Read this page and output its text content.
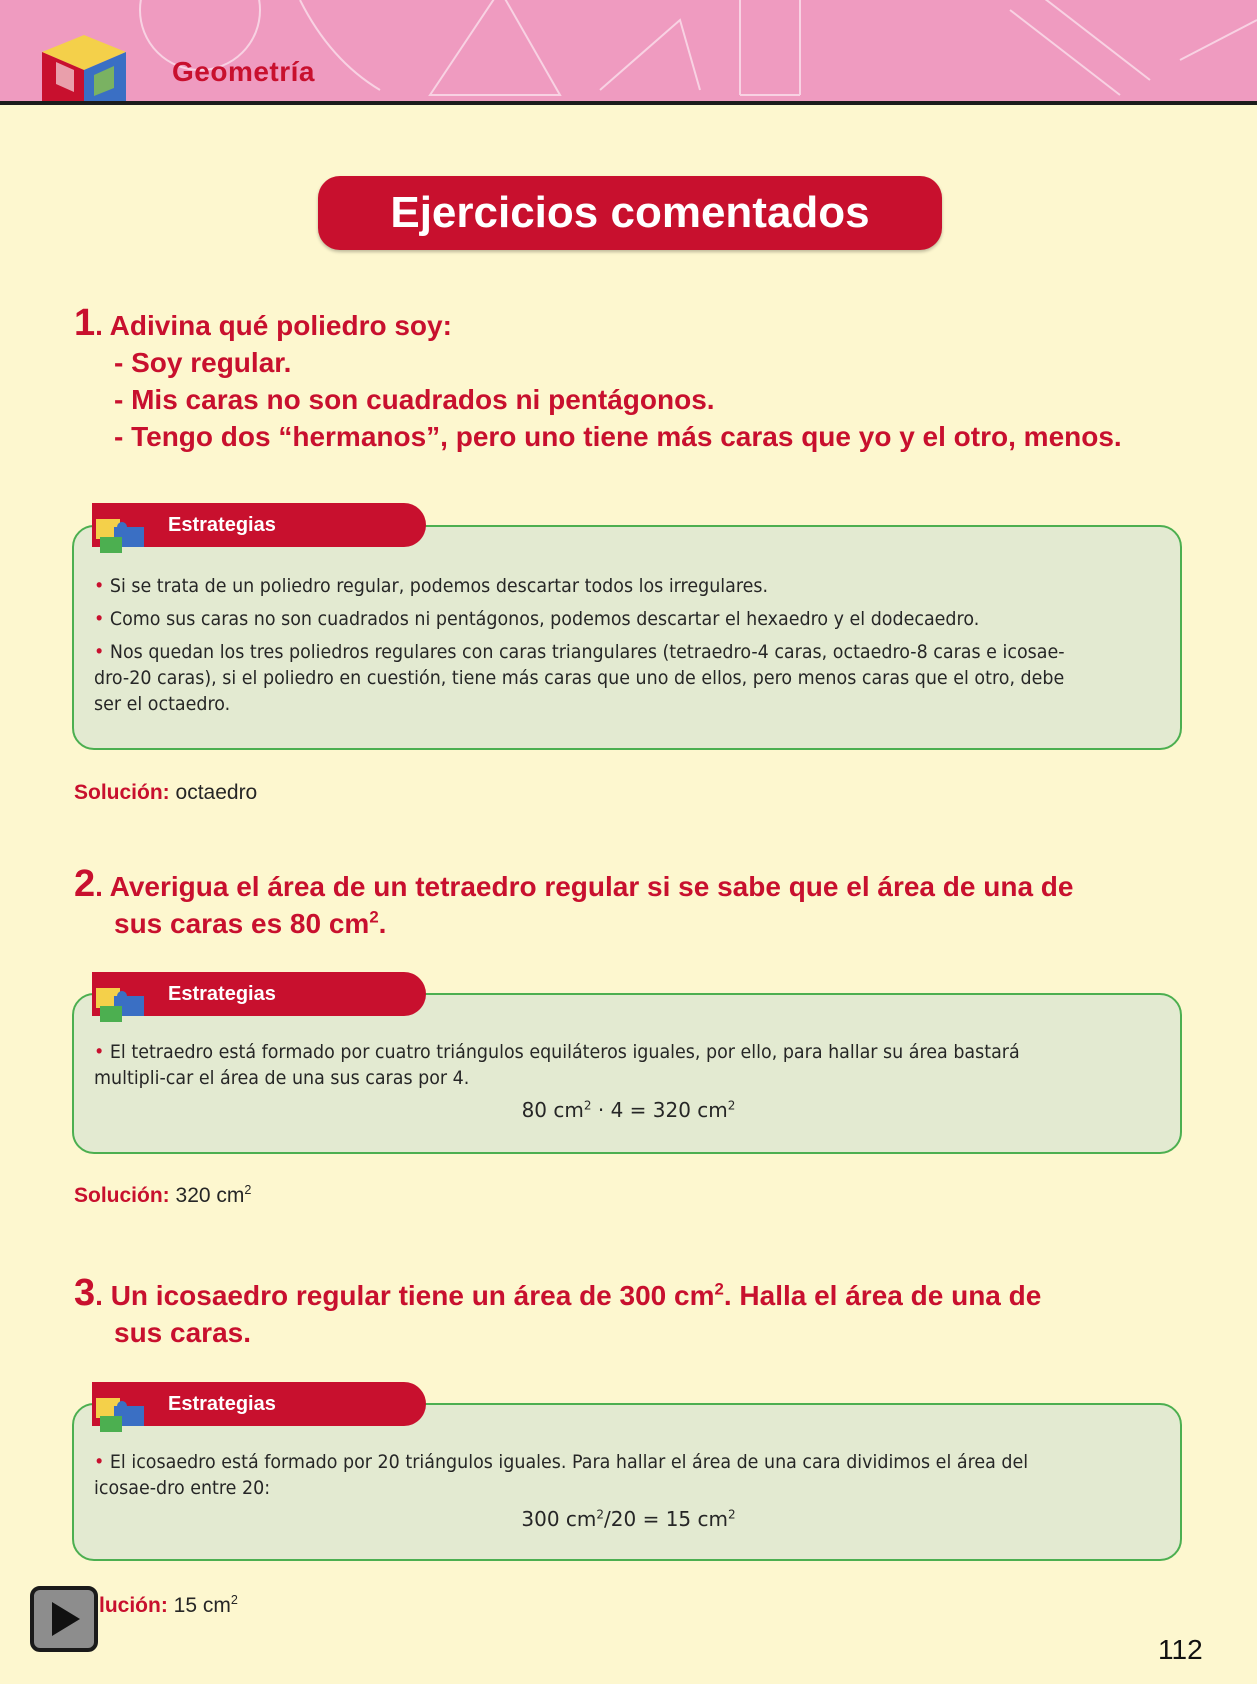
Geometría
Ejercicios comentados
1. Adivina qué poliedro soy:
- Soy regular.
- Mis caras no son cuadrados ni pentágonos.
- Tengo dos “hermanos”, pero uno tiene más caras que yo y el otro, menos.
Estrategias

• Si se trata de un poliedro regular, podemos descartar todos los irregulares.

• Como sus caras no son cuadrados ni pentágonos, podemos descartar el hexaedro y el dodecaedro.

• Nos quedan los tres poliedros regulares con caras triangulares (tetraedro-4 caras, octaedro-8 caras e icosae-dro-20 caras), si el poliedro en cuestión, tiene más caras que uno de ellos, pero menos caras que el otro, debe ser el octaedro.

Solución: octaedro
2. Averigua el área de un tetraedro regular si se sabe que el área de una de
sus caras es 80 $cm^2$.
Estrategias

• El tetraedro está formado por cuatro triángulos equiláteros iguales, por ello, para hallar su área bastará multipli-car el área de una sus caras por 4.

80 $cm^2 \cdot 4 = 320$ $cm^2$
Solución: 320 $cm^2$
3. Un icosaedro regular tiene un área de 300 $cm^2$. Halla el área de una de
sus caras.
Estrategias

• El icosaedro está formado por 20 triángulos iguales. Para hallar el área de una cara dividimos el área del icosae-dro entre 20:

300 $cm^2/20 = 15$ $cm^2$
lución: 15 $cm^2$
112
